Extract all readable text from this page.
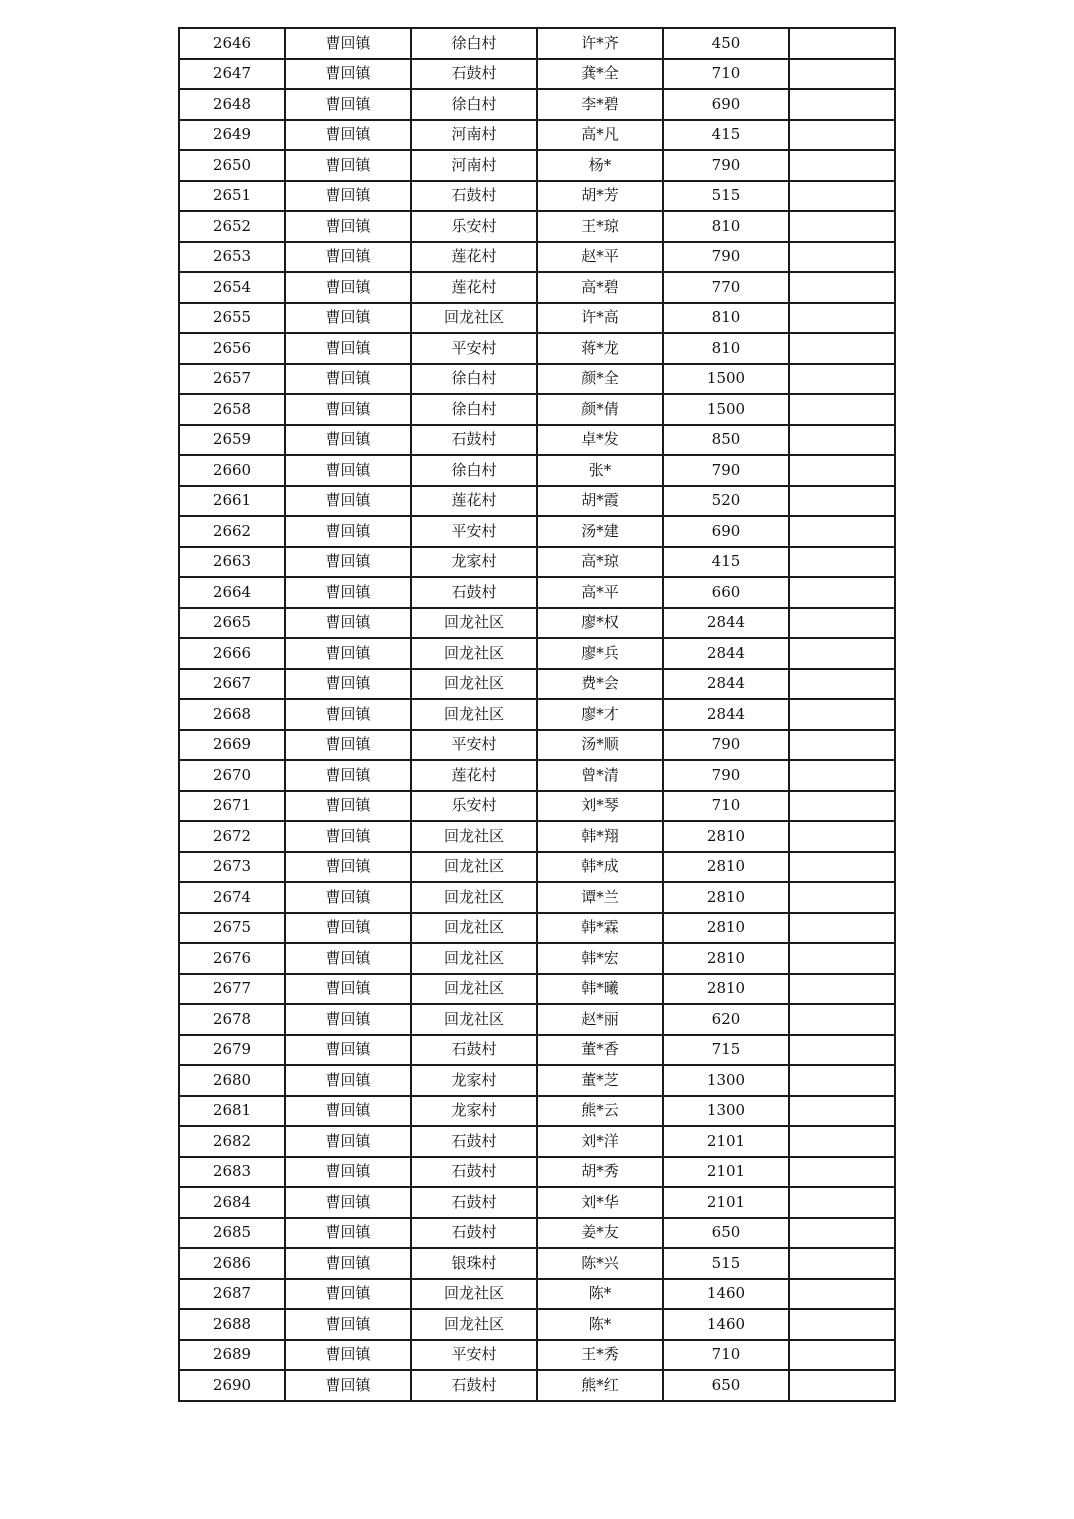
2646	曹回镇	徐白村	许*齐	450	
2647	曹回镇	石鼓村	龚*全	710	
2648	曹回镇	徐白村	李*碧	690	
2649	曹回镇	河南村	高*凡	415	
2650	曹回镇	河南村	杨*	790	
2651	曹回镇	石鼓村	胡*芳	515	
2652	曹回镇	乐安村	王*琼	810	
2653	曹回镇	莲花村	赵*平	790	
2654	曹回镇	莲花村	高*碧	770	
2655	曹回镇	回龙社区	许*高	810	
2656	曹回镇	平安村	蒋*龙	810	
2657	曹回镇	徐白村	颜*全	1500	
2658	曹回镇	徐白村	颜*倩	1500	
2659	曹回镇	石鼓村	卓*发	850	
2660	曹回镇	徐白村	张*	790	
2661	曹回镇	莲花村	胡*霞	520	
2662	曹回镇	平安村	汤*建	690	
2663	曹回镇	龙家村	高*琼	415	
2664	曹回镇	石鼓村	高*平	660	
2665	曹回镇	回龙社区	廖*权	2844	
2666	曹回镇	回龙社区	廖*兵	2844	
2667	曹回镇	回龙社区	费*会	2844	
2668	曹回镇	回龙社区	廖*才	2844	
2669	曹回镇	平安村	汤*顺	790	
2670	曹回镇	莲花村	曾*清	790	
2671	曹回镇	乐安村	刘*琴	710	
2672	曹回镇	回龙社区	韩*翔	2810	
2673	曹回镇	回龙社区	韩*成	2810	
2674	曹回镇	回龙社区	谭*兰	2810	
2675	曹回镇	回龙社区	韩*霖	2810	
2676	曹回镇	回龙社区	韩*宏	2810	
2677	曹回镇	回龙社区	韩*曦	2810	
2678	曹回镇	回龙社区	赵*丽	620	
2679	曹回镇	石鼓村	董*香	715	
2680	曹回镇	龙家村	董*芝	1300	
2681	曹回镇	龙家村	熊*云	1300	
2682	曹回镇	石鼓村	刘*洋	2101	
2683	曹回镇	石鼓村	胡*秀	2101	
2684	曹回镇	石鼓村	刘*华	2101	
2685	曹回镇	石鼓村	姜*友	650	
2686	曹回镇	银珠村	陈*兴	515	
2687	曹回镇	回龙社区	陈*	1460	
2688	曹回镇	回龙社区	陈*	1460	
2689	曹回镇	平安村	王*秀	710	
2690	曹回镇	石鼓村	熊*红	650	
